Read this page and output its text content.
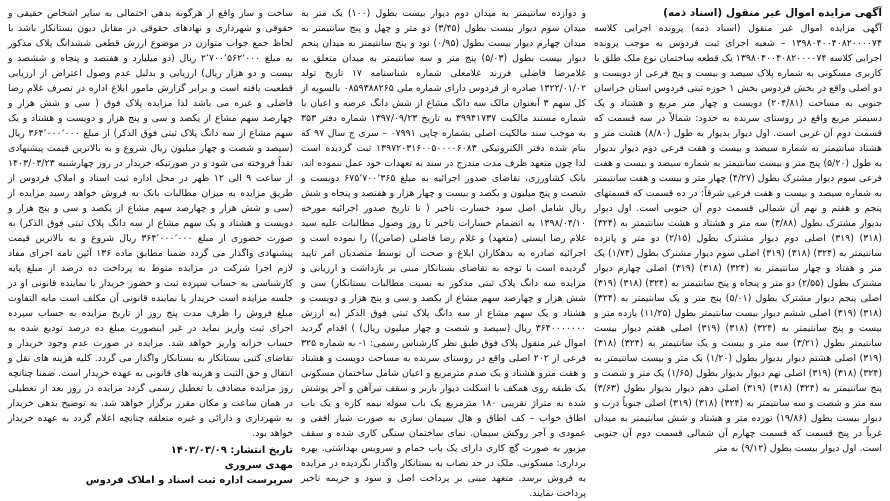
آگهی مزایده اموال غیر منقول (اسناد ذمه)
آگهی مزایده اموال غیر منقول (اسناد ذمه) پرونده اجرایی کلاسه ۱۳۹۸۰۴۰۰۴۰۸۲۰۰۰۰۷۴ – شعبه اجرای ثبت فردوس به موجب پرونده اجرایی کلاسه ۱۳۹۸۰۴۰۰۴۰۸۲۰۰۰۰۷۴ یک قطعه ساختمان نوع ملک طلق با کاربری مسکونی به شماره پلاک سیصد و بیست و پنج فرعی از دویست و دو اصلی واقع در بخش فردوس بخش ۱ حوزه ثبتی فردوس استان خراسان جنوبی به مساحت (۲۰۴/۸۱) دویست و چهار متر مربع و هشتاد و یک دسیمتر مربع واقع در روستای سرنده به حدود: شمالاً در سه قسمت که قسمت دوم آن غربی است. اول دیوار بدیوار به طول (۸/۸۰) هشت متر و هشتاد سانتیمتر به شماره سیصد و بیست و هفت فرعی دوم دیوار بدیوار به طول (۵/۲۰) پنج متر و بیست سانتیمتر به شماره سیصد و بیست و هفت فرعی سوم دیوار مشترک بطول (۴/۲۷) چهار متر و بیست و هفت سانتیمتر به شماره سیصد و بیست و هفت فرعی شرقاً: در ده قسمت که قسمتهای پنجم و هفتم و نهم آن شمالی قسمت دوم آن جنوبی است. اول دیوار بدیوار مشترک بطول (۳/۸۸) سه متر و هشتاد و هشت سانتیمتر به (۳۲۴) (۳۱۸) (۳۱۹) اصلی دوم دیوار مشترک بطول (۲/۱۵) دو متر و پانزده سانتیمتر به (۳۲۴) (۳۱۸) (۳۱۹) اصلی سوم دیوار مشترک بطول (۱/۷۴) یک متر و هفتاد و چهار سانتیمتر به (۳۲۴) (۳۱۸) (۳۱۹) اصلی چهارم دیوار مشترک بطول (۲/۵۵) دو متر و پنجاه و پنج سانتیمتر به (۳۲۴) (۳۱۸) (۳۱۹) اصلی پنجم دیوار مشترک بطول (۵/۰۱) پنج متر و یک سانتیمتر به (۳۲۴) (۳۱۸) (۳۱۹) اصلی ششم دیوار بیست سانتیمتر بطول (۱۱/۲۵) یازده متر و بیست و پنج سانتیمتر به (۳۲۴) (۳۱۸) (۳۱۹) اصلی هفتم دیوار بیست سانتیمتر بطول (۳/۲۱) سه متر و بیست و یک سانتیمتر به (۳۲۴) (۳۱۸) (۳۱۹) اصلی هشتم دیوار بدیوار بطول (۱/۲۰) یک متر و بیست سانتیمتر به (۳۲۴) (۳۱۸) (۳۱۹) اصلی نهم دیوار بدیوار بطول (۱/۶۵) یک متر و شصت و پنج سانتیمتر به (۳۲۴) (۳۱۸) (۳۱۹) اصلی دهم دیوار بدیوار بطول (۳/۶۳) سه متر و شصت و سه سانتیمتر به (۳۲۴) (۳۱۸) (۳۱۹) اصلی جنوباً درب و دیوار بیست بطول (۱۹/۸۶) نوزده متر و هشتاد و شش سانتیمتر به میدان غرباً در پنج قسمت که قسمت چهارم آن شمالی قسمت دوم آن جنوبی است. اول دیوار بیست بطول (۹/۱۲) نه متر

و دوازده سانتیمتر به میدان دوم دیوار بیست بطول (۱۰۰) یک متر به میدان سوم دیوار بیست بطول (۳/۴۵) دو متر و چهل و پنج سانتیمتر به میدان چهارم دیوار بیست بطول (۰/۹۵) نود و پنج سانتیمتر به میدان پنجم دیوار بیست بطول (۵/۰۳) پنج متر و سه سانتیمتر به میدان متعلق به غلامرضا فاضلی فرزند غلامعلی شماره شناسنامه ۱۷ تاریخ تولد ۱۳۲۲/۰۱/۰۲ صادره از فردوس دارای شماره ملی ۰۸۵۹۳۸۸۲۶۵ بالسویه از کل سهم ۳ آبعنوان مالک سه دانگ مشاع از شش دانگ عرصه و اعیان با شماره مستند مالکیت ۳۹۹۴۱۷۳۷ به تاریخ ۱۳۹۷/۰۹/۲۳ شماره دفتر ۳۵۳ به موجب سند مالکیت اصلی بشماره چاپی ۰۷۹۹۱ – سری ج سال ۹۷ که بنام شده دفتر الکترونیکی ۱۳۹۷۲۰۳۱۶۰۰۵۰۰۰۰۶۰۸۳ ثبت گردیده است لذا چون متعهد ظرف مدت مندرج در سند به تعهدات خود عمل ننموده اند، بانک کشاورزی، تقاضای صدور اجرائیه به مبلغ ۶۷۵٬۷۰۰٬۳۶۵ دویست و شصت و پنج میلیون و یکصد و بیست و چهار هزار و هفتصد و پنجاه و شش ریال شامل اصل سود خسارت تاخیر ( تا تاریخ صدور اجرائیه مورخه ۱۳۹۸/۰۴/۱۰ به انضمام خسارات تاخیر تا روز وصول مطالبات علیه سید غلام رضا ایستی (متعهد) و غلام رضا فاضلی (ضامن)) را نموده است و اجرائیه صادره به بدهکاران ابلاغ و صحت آن توسط متصدیان امر تایید گردیده است با توجه به تقاضای بستانکار مبنی بر بازداشت و ارزیابی و مزایده سه دانگ پلاک ثبتی مذکور به نسبت مطالبات بستانکار) سی و شش هزار و چهارصد سهم مشاع از یکصد و سی و پنج هزار و دویست و هشتاد و یک سهم مشاع از سه دانگ پلاک ثبتی فوق الذکر (به ارزش ۳۶۴۰۰۰۰۰۰۰ ریال (سیصد و شصت و چهار میلیون ریال) ) اقدام گردید اموال غیر منقول پلاک فوق طبق نظر کارشناس رسمی: ۱- به شماره ۳۲۵ فرعی از ۲۰۲ اصلی واقع در روستای سرنده به مساحت دویست و هشتاد و هفت مترو هشتاد و یک صدم مترمربع و اعیان شامل ساختمان مسکونی یک طبقه روی همکف با اسکلت دیوار باربر و سقف تیرآهن و آجر پوشش شده به متراژ تقریبی ۱۸۰ مترمربع یک باب سوله نیمه کاره و یک باب اطاق خواب – کف اطاق و هال سیمان سازی به صورت شیار افقی و عمودی و آجر روکش سیمان. نمای ساختمان سنگی کاری شده و سقف مزبور به صورت گچ کاری دارای یک باب حمام و سرویس بهداشتی. بهره برداری: مسکونی. ملک در حد نصاب به بستانکار واگذار نگردیده در مزایده به فروش برسد. متعهد مبنی بر پرداخت اصل و سود و جریمه تاخیر پرداخت نمایند.

ساخت و ساز واقع از هرگونه بدهی احتمالی به سایر اشخاص حقیقی و حقوقی و شهرداری و نهادهای حقوقی در مقابل دیون بستانکار باشد با لحاظ جمع جواب متوازن در موضوع ارزش قطعی ششدانگ پلاک مذکور به مبلغ ۲٬۷۰۰٬۵۶۲٬۰۰۰ ریال (دو میلیارد و هفتصد و پنجاه و ششصد و بیست و دو هزار ریال) ارزیابی و بدلیل عدم وصول اعتراض از ارزیابی قطعیت یافته است و برابر گزارش مامور ابلاغ اداره در تصرف غلام رضا فاضلی و غیره می باشد لذا مزایده پلاک فوق ( سی و شش هزار و چهارصد سهم مشاع از یکصد و سی و پنج هزار و دویست و هشتاد و یک سهم مشاع از سه دانگ پلاک ثبتی فوق الذکر) از مبلغ ۳۶۴٬۰۰۰٬۰۰۰ ریال (سیصد و شصت و چهار میلیون ریال شروع و به بالاترین قیمت پیشنهادی نقداً فروخته می شود و در صورتیکه خریدار در روز چهارشنبه ۱۴۰۳/۰۳/۲۳ از ساعت ۹ الی ۱۲ ظهر در محل اداره ثبت اسناد و املاک فردوس از طریق مزایده به میزان مطالبات بانک به فروش خواهد رسید مزایده از (سی و شش هزار و چهارصد سهم مشاع از یکصد و سی و پنج هزار و دویست و هشتاد و یک سهم مشاع از سه دانگ پلاک ثبتی فوق الذکر) به صورت حضوری از مبلغ ۳۶۴٬۰۰۰٬۰۰۰ ریال شروع و به بالاترین قیمت پیشنهادی واگذار می گردد ضمنا مطابق ماده ۱۳۶ آئین نامه اجرای مفاد لازم اجرا شرکت در مزایده منوط به پرداخت ده درصد از مبلغ پایه کارشناسی به حساب سپرده ثبت و حضور خریدار یا نماینده قانونی او در جلسه مزایده است خریدار یا نماینده قانونی آن مکلف است مابه التفاوت مبلغ فروش را ظرف مدت پنج روز از تاریخ مزایده به حساب سپرده اجرای ثبت واریز نماید در غیر اینصورت مبلغ ده درصد تودیع شده به حساب خزانه واریز خواهد شد. مزایده در صورت عدم وجود خریدار و تقاضای کتبی بستانکار به بستانکار واگذار می گردد. کلیه هزینه های نقل و انتقال و حق الثبت و هزینه های قانونی به عهده خریدار است. ضمنا چنانچه روز مزایده مصادف با تعطیل رسمی گردد مزایده در روز بعد از تعطیلی در همان ساعت و مکان مقرر برگزار خواهد شد. به توضیح بدهی خریدار به شهرداری و دارائی و غیره متعلقه چنانچه اعلام گردد به عهده خریدار خواهد بود.

تاریخ انتشار: ۱۴۰۳/۰۳/۰۹
مهدی سروری
سرپرست اداره ثبت اسناد و املاک فردوس
